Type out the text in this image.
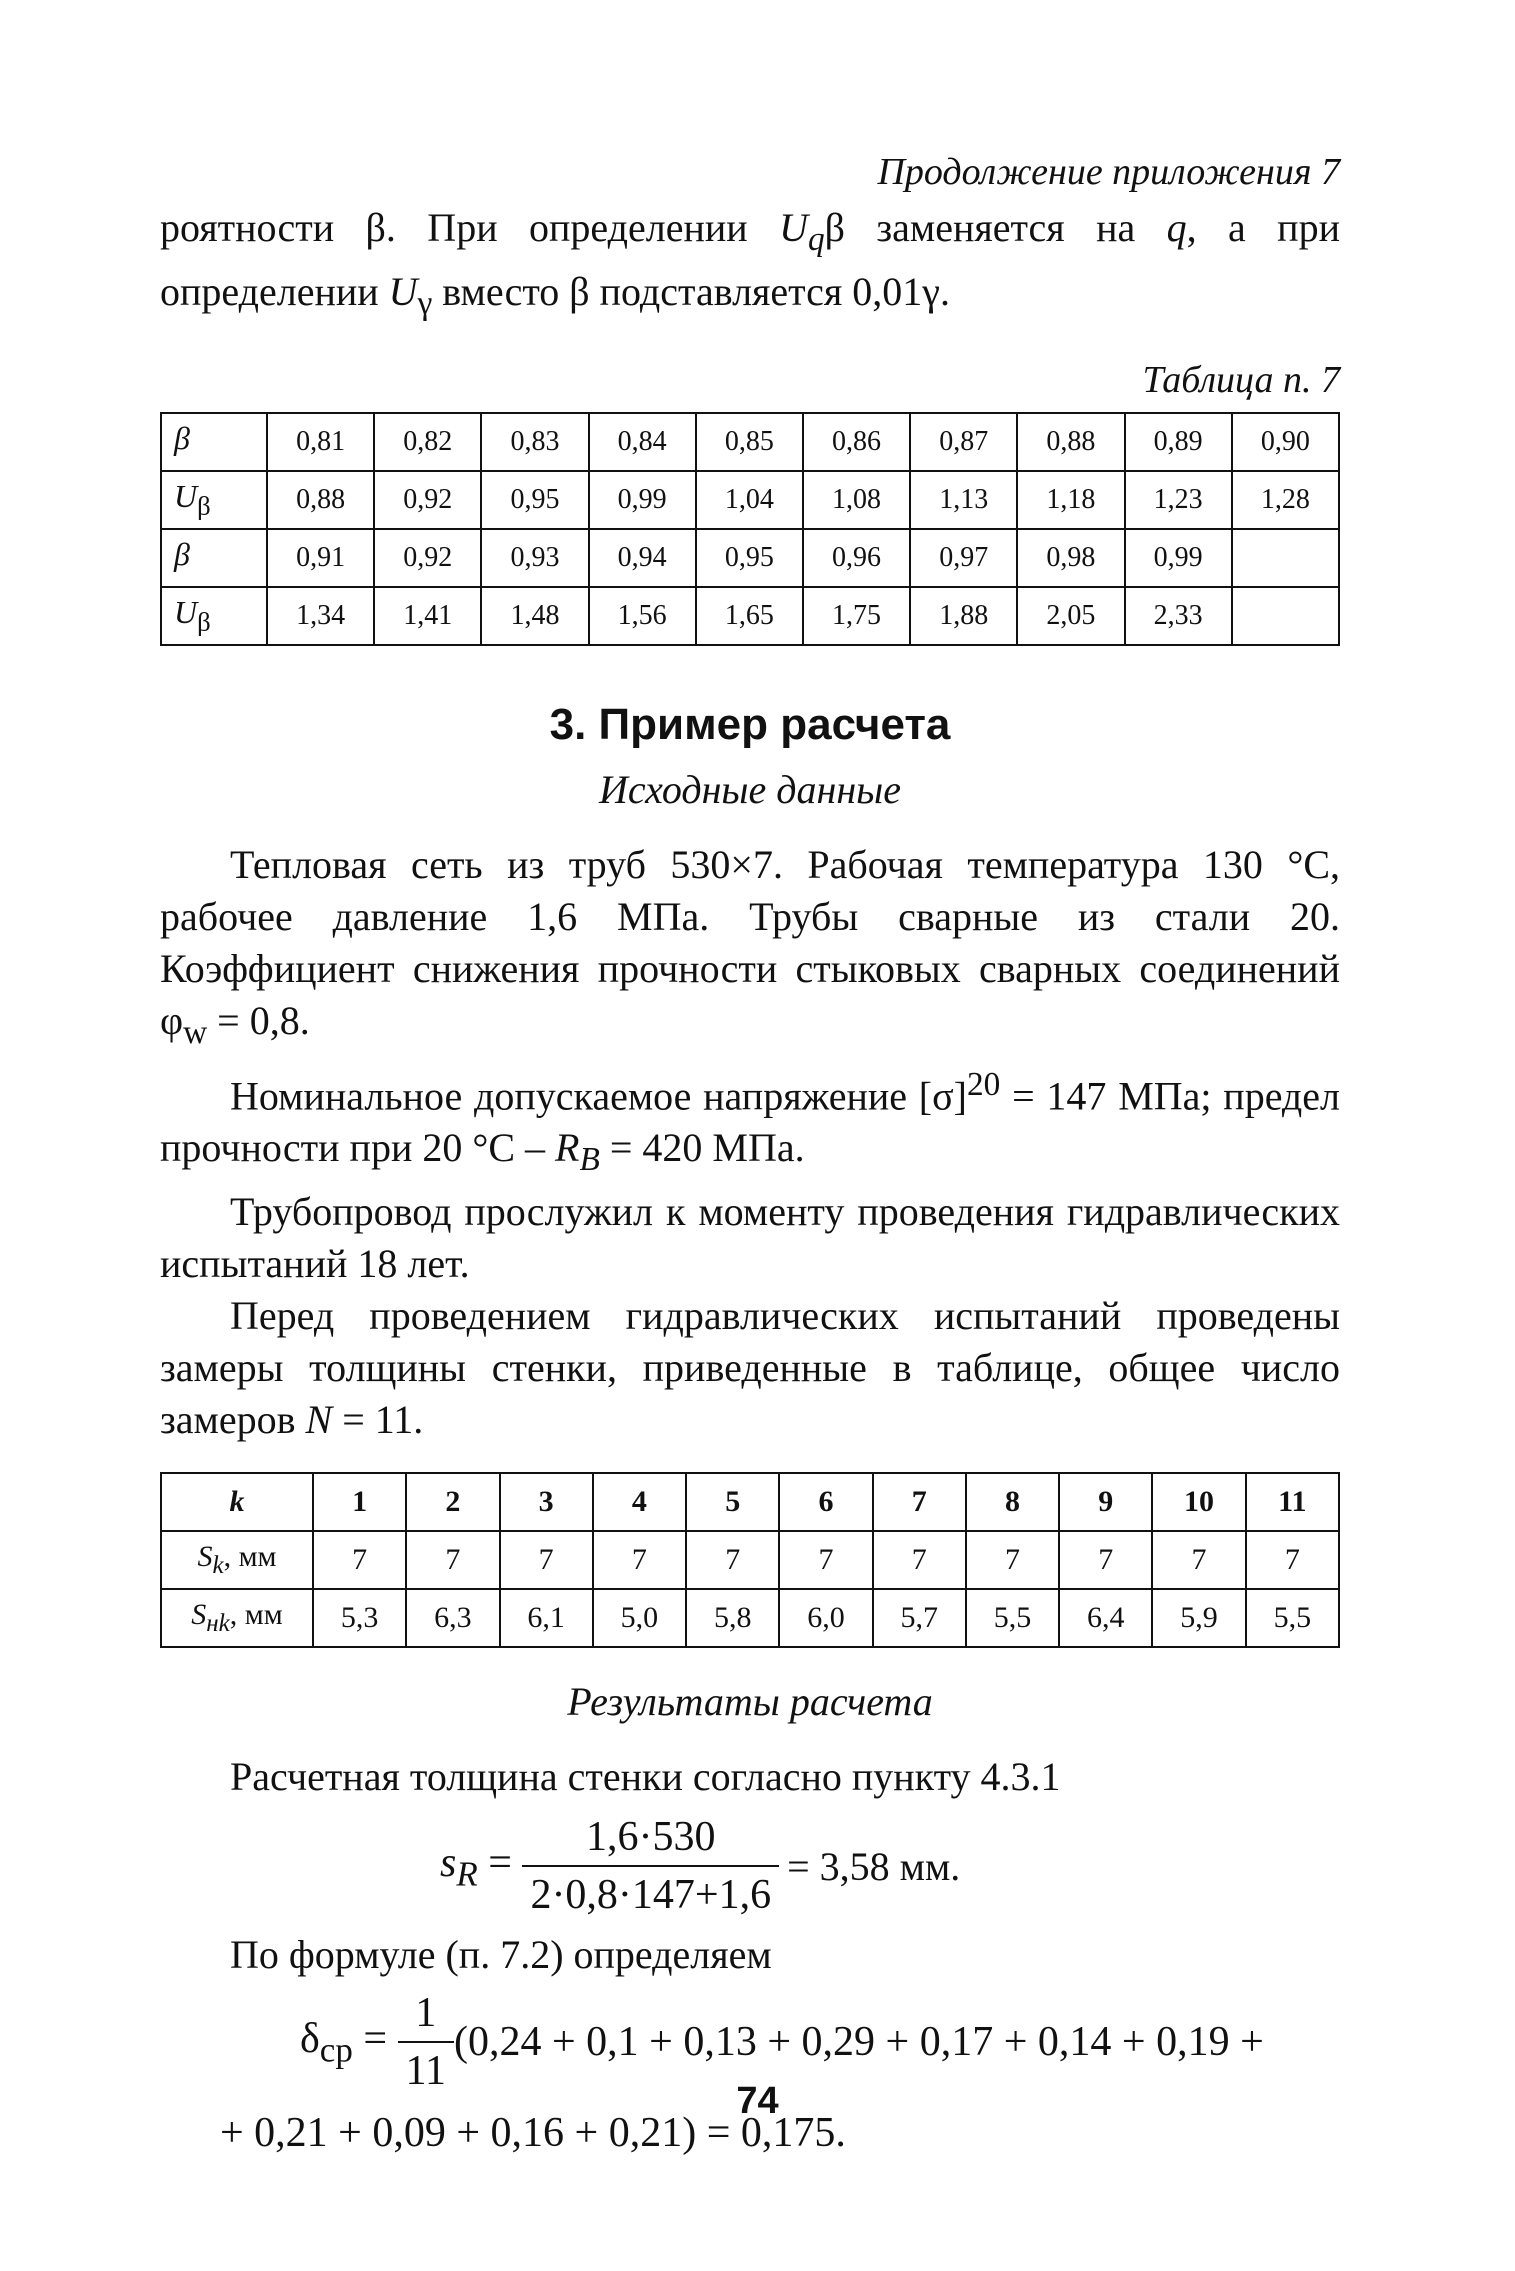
Продолжение приложения 7

роятности β. При определении $U_q\beta$ заменяется на q, а при определении $U_\gamma$ вместо β подставляется 0,01γ.

Таблица п. 7
β	0,81	0,82	0,83	0,84	0,85	0,86	0,87	0,88	0,89	0,90
$U_\beta$	0,88	0,92	0,95	0,99	1,04	1,08	1,13	1,18	1,23	1,28
β	0,91	0,92	0,93	0,94	0,95	0,96	0,97	0,98	0,99	
$U_\beta$	1,34	1,41	1,48	1,56	1,65	1,75	1,88	2,05	2,33	
3. Пример расчета
Исходные данные

Тепловая сеть из труб 530×7. Рабочая температура 130 °C, рабочее давление 1,6 МПа. Трубы сварные из стали 20. Коэффициент снижения прочности стыковых сварных соединений $\varphi_w = 0,8$.

Номинальное допускаемое напряжение $[\sigma]^{20} = 147$ МПа; предел прочности при 20 $^\circ С - R_B = 420$ МПа.

Трубопровод прослужил к моменту проведения гидравлических испытаний 18 лет.

Перед проведением гидравлических испытаний проведены замеры толщины стенки, приведенные в таблице, общее число замеров N = 11.

k	1	2	3	4	5	6	7	8	9	10	11
$S_k$, мм	7	7	7	7	7	7	7	7	7	7	7
$S_{нk}$, мм	5,3	6,3	6,1	5,0	5,8	6,0	5,7	5,5	6,4	5,9	5,5
Результаты расчета

Расчетная толщина стенки согласно пункту 4.3.1

$s_R = \frac{1,6\cdot 530}{2\cdot 0,8\cdot 147+1,6} = 3,58$ мм.

По формуле (п. 7.2) определяем

$\delta_{ср} = \frac{1}{11} (0,24 + 0,1 + 0,13 + 0,29 + 0,17 + 0,14 + 0,19$ +
+ 0,21 + 0,09 + 0,16 + 0,21) = 0,175.
74
